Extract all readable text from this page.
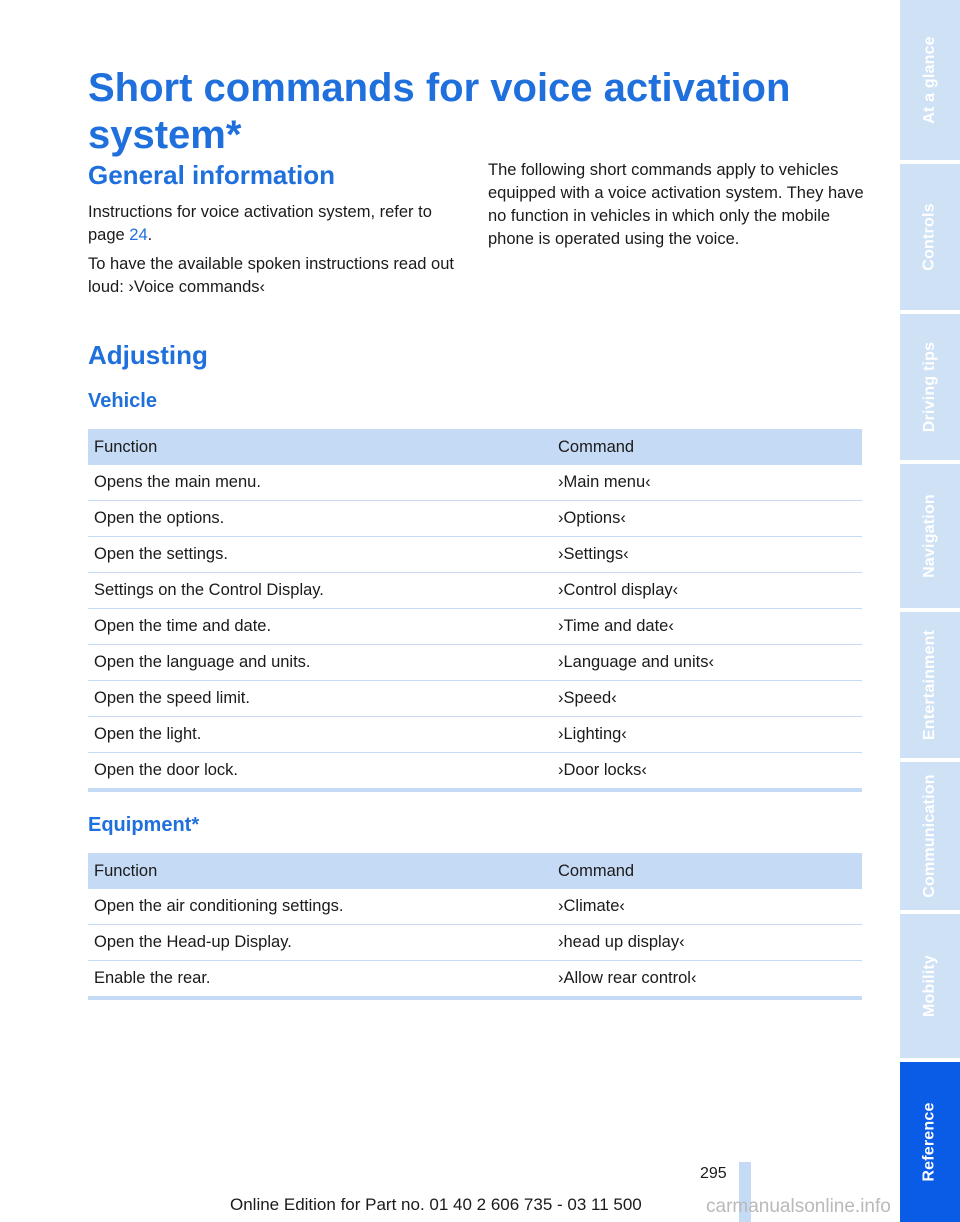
Short commands for voice activation system*
General information

Instructions for voice activation system, refer to page 24.

To have the available spoken instructions read out loud: ›Voice commands‹

The following short commands apply to vehicles equipped with a voice activation system. They have no function in vehicles in which only the mobile phone is operated using the voice.

Adjusting
Vehicle
Function	Command
Opens the main menu.	›Main menu‹
Open the options.	›Options‹
Open the settings.	›Settings‹
Settings on the Control Display.	›Control display‹
Open the time and date.	›Time and date‹
Open the language and units.	›Language and units‹
Open the speed limit.	›Speed‹
Open the light.	›Lighting‹
Open the door lock.	›Door locks‹
Equipment*
Function	Command
Open the air conditioning settings.	›Climate‹
Open the Head-up Display.	›head up display‹
Enable the rear.	›Allow rear control‹
At a glance
Controls
Driving tips
Navigation
Entertainment
Communication
Mobility
Reference
295
Online Edition for Part no. 01 40 2 606 735 - 03 11 500	carmanualsonline.info
